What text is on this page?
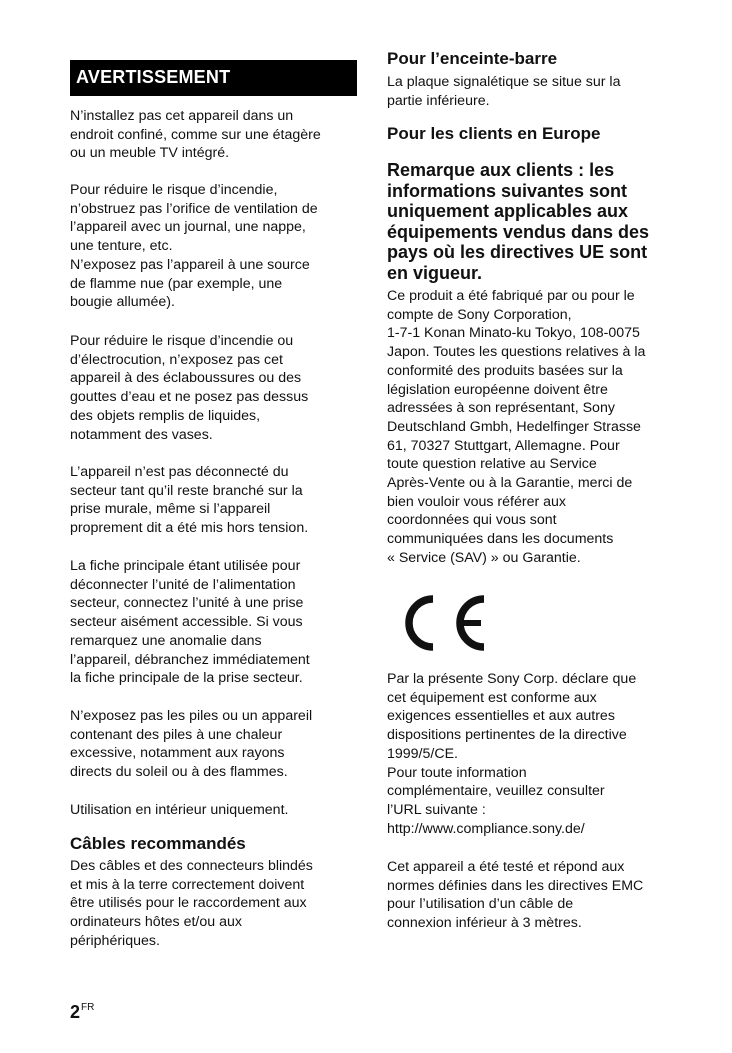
AVERTISSEMENT

N’installez pas cet appareil dans un
endroit confiné, comme sur une étagère
ou un meuble TV intégré.

Pour réduire le risque d’incendie,
n’obstruez pas l’orifice de ventilation de
l’appareil avec un journal, une nappe,
une tenture, etc.
N’exposez pas l’appareil à une source
de flamme nue (par exemple, une
bougie allumée).

Pour réduire le risque d’incendie ou
d’électrocution, n’exposez pas cet
appareil à des éclaboussures ou des
gouttes d’eau et ne posez pas dessus
des objets remplis de liquides,
notamment des vases.

L’appareil n’est pas déconnecté du
secteur tant qu’il reste branché sur la
prise murale, même si l’appareil
proprement dit a été mis hors tension.

La fiche principale étant utilisée pour
déconnecter l’unité de l’alimentation
secteur, connectez l’unité à une prise
secteur aisément accessible. Si vous
remarquez une anomalie dans
l’appareil, débranchez immédiatement
la fiche principale de la prise secteur.

N’exposez pas les piles ou un appareil
contenant des piles à une chaleur
excessive, notamment aux rayons
directs du soleil ou à des flammes.

Utilisation en intérieur uniquement.

Câbles recommandés

Des câbles et des connecteurs blindés
et mis à la terre correctement doivent
être utilisés pour le raccordement aux
ordinateurs hôtes et/ou aux
périphériques.

Pour l’enceinte-barre

La plaque signalétique se situe sur la
partie inférieure.

Pour les clients en Europe
Remarque aux clients : les
informations suivantes sont
uniquement applicables aux
équipements vendus dans des
pays où les directives UE sont
en vigueur.

Ce produit a été fabriqué par ou pour le
compte de Sony Corporation,
1-7-1 Konan Minato-ku Tokyo, 108-0075
Japon. Toutes les questions relatives à la
conformité des produits basées sur la
législation européenne doivent être
adressées à son représentant, Sony
Deutschland Gmbh, Hedelfinger Strasse
61, 70327 Stuttgart, Allemagne. Pour
toute question relative au Service
Après-Vente ou à la Garantie, merci de
bien vouloir vous référer aux
coordonnées qui vous sont
communiquées dans les documents
« Service (SAV) » ou Garantie.

Par la présente Sony Corp. déclare que
cet équipement est conforme aux
exigences essentielles et aux autres
dispositions pertinentes de la directive
1999/5/CE.
Pour toute information
complémentaire, veuillez consulter
l’URL suivante :
http://www.compliance.sony.de/

Cet appareil a été testé et répond aux
normes définies dans les directives EMC
pour l’utilisation d’un câble de
connexion inférieur à 3 mètres.

$2^{FR}$
